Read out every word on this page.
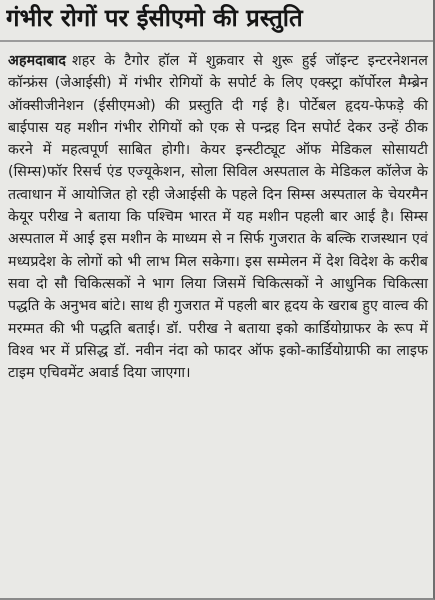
गंभीर रोगों पर ईसीएमो की प्रस्तुति

अहमदाबाद शहर के टैगोर हॉल में शुक्रवार से शुरू हुई जॉइन्ट इन्टरनेशनल कॉन्फ्रंस (जेआईसी) में गंभीर रोगियों के सपोर्ट के लिए एक्स्ट्रा कॉर्पोरल मैम्ब्रेन ऑक्सीजीनेशन (ईसीएमओ) की प्रस्तुति दी गई है। पोर्टेबल हृदय-फेफड़े की बाईपास यह मशीन गंभीर रोगियों को एक से पन्द्रह दिन सपोर्ट देकर उन्हें ठीक करने में महत्वपूर्ण साबित होगी। केयर इन्स्टीट्यूट ऑफ मेडिकल सोसायटी (सिम्स)फॉर रिसर्च एंड एज्यूकेशन, सोला सिविल अस्पताल के मेडिकल कॉलेज के तत्वाधान में आयोजित हो रही जेआईसी के पहले दिन सिम्स अस्पताल के चेयरमैन केयूर परीख ने बताया कि पश्चिम भारत में यह मशीन पहली बार आई है। सिम्स अस्पताल में आई इस मशीन के माध्यम से न सिर्फ गुजरात के बल्कि राजस्थान एवं मध्यप्रदेश के लोगों को भी लाभ मिल सकेगा। इस सम्मेलन में देश विदेश के करीब सवा दो सौ चिकित्सकों ने भाग लिया जिसमें चिकित्सकों ने आधुनिक चिकित्सा पद्धति के अनुभव बांटे। साथ ही गुजरात में पहली बार हृदय के खराब हुए वाल्व की मरम्मत की भी पद्धति बताई। डॉ. परीख ने बताया इको कार्डियोग्राफर के रूप में विश्व भर में प्रसिद्ध डॉ. नवीन नंदा को फादर ऑफ इको-कार्डियोग्राफी का लाइफ टाइम एचिवमेंट अवार्ड दिया जाएगा।
